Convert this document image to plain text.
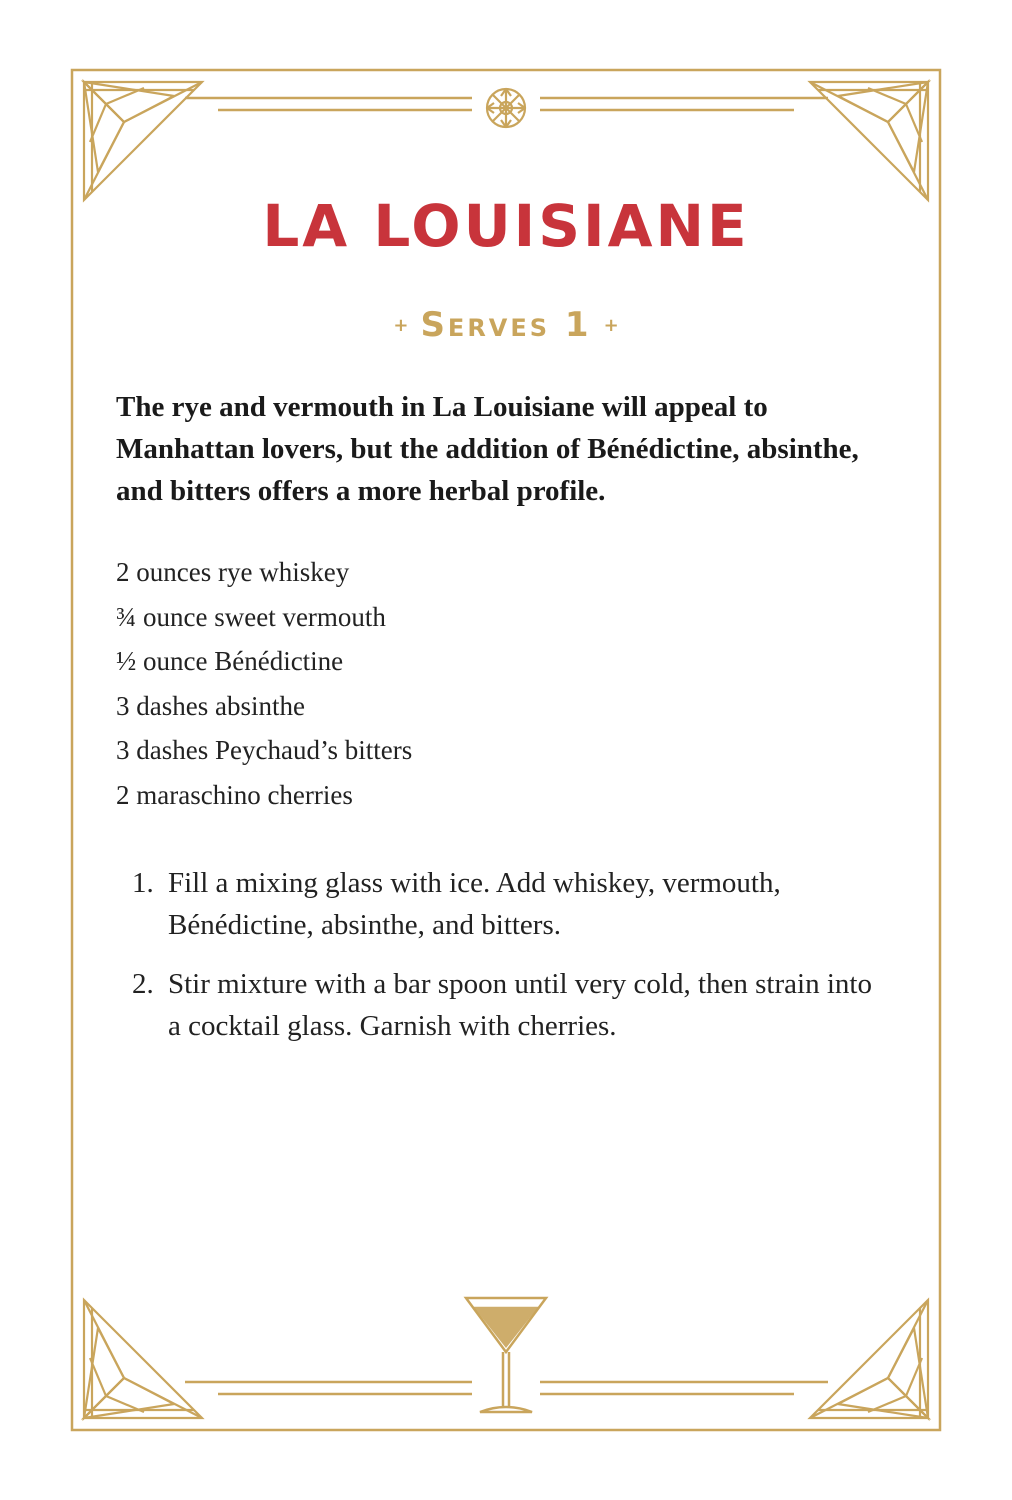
LA LOUISIANE
+ Serves 1 +
The rye and vermouth in La Louisiane will appeal to Manhattan lovers, but the addition of Bénédictine, absinthe, and bitters offers a more herbal profile.
2 ounces rye whiskey
¾ ounce sweet vermouth
½ ounce Bénédictine
3 dashes absinthe
3 dashes Peychaud’s bitters
2 maraschino cherries
1. Fill a mixing glass with ice. Add whiskey, vermouth, Bénédictine, absinthe, and bitters.
2. Stir mixture with a bar spoon until very cold, then strain into a cocktail glass. Garnish with cherries.
